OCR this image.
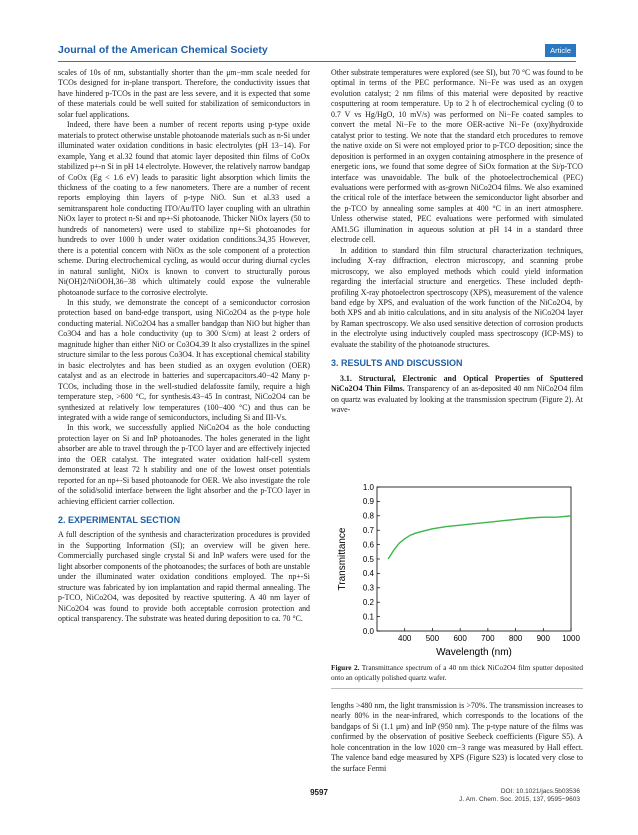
Journal of the American Chemical Society	Article

scales of 10s of nm, substantially shorter than the μm−mm scale needed for TCOs designed for in-plane transport. Therefore, the conductivity issues that have hindered p-TCOs in the past are less severe, and it is expected that some of these materials could be well suited for stabilization of semiconductors in solar fuel applications.

Indeed, there have been a number of recent reports using p-type oxide materials to protect otherwise unstable photoanode materials such as n-Si under illuminated water oxidation conditions in basic electrolytes (pH 13−14). For example, Yang et al.32 found that atomic layer deposited thin films of CoOx stabilized p+-n Si in pH 14 electrolyte. However, the relatively narrow bandgap of CoOx (Eg < 1.6 eV) leads to parasitic light absorption which limits the thickness of the coating to a few nanometers. There are a number of recent reports employing thin layers of p-type NiO. Sun et al.33 used a semitransparent hole conducting ITO/Au/ITO layer coupling with an ultrathin NiOx layer to protect n-Si and np+-Si photoanode. Thicker NiOx layers (50 to hundreds of nanometers) were used to stabilize np+-Si photoanodes for hundreds to over 1000 h under water oxidation conditions.34,35 However, there is a potential concern with NiOx as the sole component of a protection scheme. During electrochemical cycling, as would occur during diurnal cycles in natural sunlight, NiOx is known to convert to structurally porous Ni(OH)2/NiOOH,36−38 which ultimately could expose the vulnerable photoanode surface to the corrosive electrolyte.

In this study, we demonstrate the concept of a semiconductor corrosion protection based on band-edge transport, using NiCo2O4 as the p-type hole conducting material. NiCo2O4 has a smaller bandgap than NiO but higher than Co3O4 and has a hole conductivity (up to 300 S/cm) at least 2 orders of magnitude higher than either NiO or Co3O4.39 It also crystallizes in the spinel structure similar to the less porous Co3O4. It has exceptional chemical stability in basic electrolytes and has been studied as an oxygen evolution (OER) catalyst and as an electrode in batteries and supercapacitors.40−42 Many p-TCOs, including those in the well-studied delafossite family, require a high temperature step, >600 °C, for synthesis.43−45 In contrast, NiCo2O4 can be synthesized at relatively low temperatures (100−400 °C) and thus can be integrated with a wide range of semiconductors, including Si and III-Vs.

In this work, we successfully applied NiCo2O4 as the hole conducting protection layer on Si and InP photoanodes. The holes generated in the light absorber are able to travel through the p-TCO layer and are effectively injected into the OER catalyst. The integrated water oxidation half-cell system demonstrated at least 72 h stability and one of the lowest onset potentials reported for an np+-Si based photoanode for OER. We also investigate the role of the solid/solid interface between the light absorber and the p-TCO layer in achieving efficient carrier collection.

2. EXPERIMENTAL SECTION

A full description of the synthesis and characterization procedures is provided in the Supporting Information (SI); an overview will be given here. Commercially purchased single crystal Si and InP wafers were used for the light absorber components of the photoanodes; the surfaces of both are unstable under the illuminated water oxidation conditions employed. The np+-Si structure was fabricated by ion implantation and rapid thermal annealing. The p-TCO, NiCo2O4, was deposited by reactive sputtering. A 40 nm layer of NiCo2O4 was found to provide both acceptable corrosion protection and optical transparency. The substrate was heated during deposition to ca. 70 °C.

Other substrate temperatures were explored (see SI), but 70 °C was found to be optimal in terms of the PEC performance. Ni−Fe was used as an oxygen evolution catalyst; 2 nm films of this material were deposited by reactive cosputtering at room temperature. Up to 2 h of electrochemical cycling (0 to 0.7 V vs Hg/HgO, 10 mV/s) was performed on Ni−Fe coated samples to convert the metal Ni−Fe to the more OER-active Ni−Fe (oxy)hydroxide catalyst prior to testing. We note that the standard etch procedures to remove the native oxide on Si were not employed prior to p-TCO deposition; since the deposition is performed in an oxygen containing atmosphere in the presence of energetic ions, we found that some degree of SiOx formation at the Si/p-TCO interface was unavoidable. The bulk of the photoelectrochemical (PEC) evaluations were performed with as-grown NiCo2O4 films. We also examined the critical role of the interface between the semiconductor light absorber and the p-TCO by annealing some samples at 400 °C in an inert atmosphere. Unless otherwise stated, PEC evaluations were performed with simulated AM1.5G illumination in aqueous solution at pH 14 in a standard three electrode cell.

In addition to standard thin film structural characterization techniques, including X-ray diffraction, electron microscopy, and scanning probe microscopy, we also employed methods which could yield information regarding the interfacial structure and energetics. These included depth-profiling X-ray photoelectron spectroscopy (XPS), measurement of the valence band edge by XPS, and evaluation of the work function of the NiCo2O4, by both XPS and ab initio calculations, and in situ analysis of the NiCo2O4 layer by Raman spectroscopy. We also used sensitive detection of corrosion products in the electrolyte using inductively coupled mass spectroscopy (ICP-MS) to evaluate the stability of the photoanode structures.

3. RESULTS AND DISCUSSION

3.1. Structural, Electronic and Optical Properties of Sputtered NiCo2O4 Thin Films. Transparency of an as-deposited 40 nm NiCo2O4 film on quartz was evaluated by looking at the transmission spectrum (Figure 2). At wave-

0.0
0.1
0.2
0.3
0.4
0.5
0.6
0.7
0.8
0.9
1.0
400 500 600 700 800 900 1000
Wavelength (nm)
Transmittance
Figure 2. Transmittance spectrum of a 40 nm thick NiCo2O4 film sputter deposited onto an optically polished quartz wafer.

lengths >480 nm, the light transmission is >70%. The transmission increases to nearly 80% in the near-infrared, which corresponds to the locations of the bandgaps of Si (1.1 μm) and InP (950 nm). The p-type nature of the films was confirmed by the observation of positive Seebeck coefficients (Figure S5). A hole concentration in the low 1020 cm−3 range was measured by Hall effect. The valence band edge measured by XPS (Figure S23) is located very close to the surface Fermi

9597	DOI: 10.1021/jacs.5b03536
J. Am. Chem. Soc. 2015, 137, 9595−9603
